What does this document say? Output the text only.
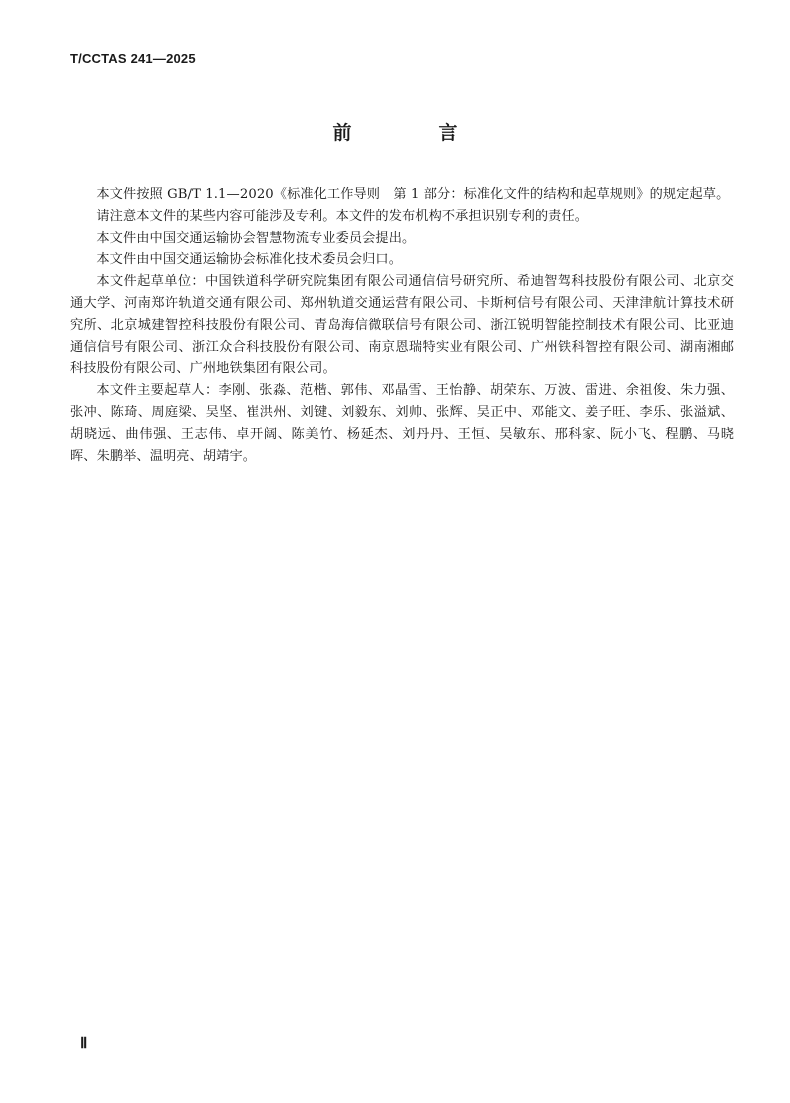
T/CCTAS 241—2025
前　言

本文件按照 GB/T 1.1—2020《标准化工作导则　第 1 部分：标准化文件的结构和起草规则》的规定起草。

请注意本文件的某些内容可能涉及专利。本文件的发布机构不承担识别专利的责任。

本文件由中国交通运输协会智慧物流专业委员会提出。

本文件由中国交通运输协会标准化技术委员会归口。

本文件起草单位：中国铁道科学研究院集团有限公司通信信号研究所、希迪智驾科技股份有限公司、北京交通大学、河南郑许轨道交通有限公司、郑州轨道交通运营有限公司、卡斯柯信号有限公司、天津津航计算技术研究所、北京城建智控科技股份有限公司、青岛海信微联信号有限公司、浙江锐明智能控制技术有限公司、比亚迪通信信号有限公司、浙江众合科技股份有限公司、南京恩瑞特实业有限公司、广州铁科智控有限公司、湖南湘邮科技股份有限公司、广州地铁集团有限公司。

本文件主要起草人：李刚、张淼、范楷、郭伟、邓晶雪、王怡静、胡荣东、万波、雷进、余祖俊、朱力强、张冲、陈琦、周庭梁、吴坚、崔洪州、刘键、刘毅东、刘帅、张辉、吴正中、邓能文、姜子旺、李乐、张溢斌、胡晓远、曲伟强、王志伟、卓开阔、陈美竹、杨延杰、刘丹丹、王恒、吴敏东、邢科家、阮小飞、程鹏、马晓晖、朱鹏举、温明亮、胡靖宇。

Ⅱ
